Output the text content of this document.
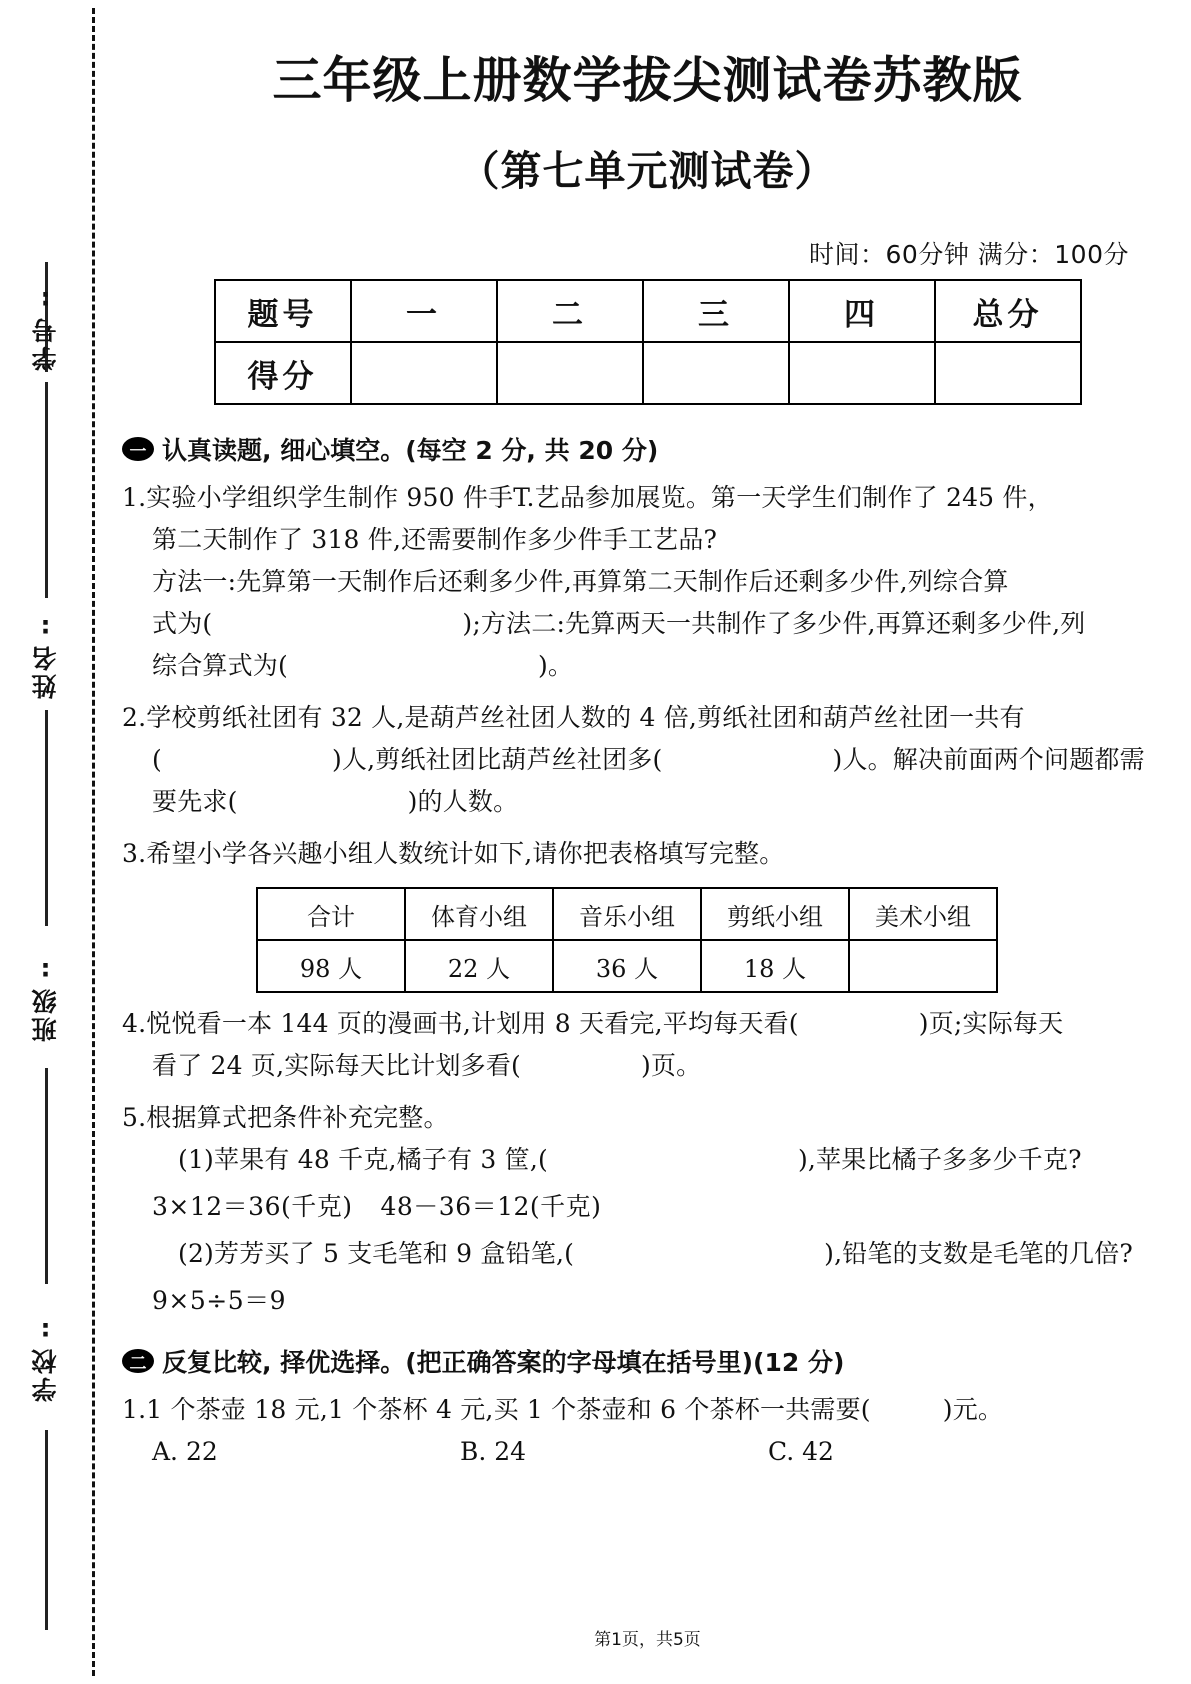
学号:
姓名:
班级:
学校:
三年级上册数学拔尖测试卷苏教版
（第七单元测试卷）
时间：60分钟 满分：100分
题号	一	二	三	四	总分
得分					
一 认真读题, 细心填空。(每空 2 分, 共 20 分)
1.实验小学组织学生制作 950 件手T.艺品参加展览。第一天学生们制作了 245 件，
第二天制作了 318 件,还需要制作多少件手工艺品?
方法一:先算第一天制作后还剩多少件,再算第二天制作后还剩多少件,列综合算
式为(	);方法二:先算两天一共制作了多少件,再算还剩多少件,列
综合算式为(	)。
2.学校剪纸社团有 32 人,是葫芦丝社团人数的 4 倍,剪纸社团和葫芦丝社团一共有
(	)人,剪纸社团比葫芦丝社团多(	)人。解决前面两个问题都需
要先求(	)的人数。
3.希望小学各兴趣小组人数统计如下,请你把表格填写完整。
合计	体育小组	音乐小组	剪纸小组	美术小组
98 人	22 人	36 人	18 人	
4.悦悦看一本 144 页的漫画书,计划用 8 天看完,平均每天看(	)页;实际每天
看了 24 页,实际每天比计划多看(	)页。
5.根据算式把条件补充完整。
(1)苹果有 48 千克,橘子有 3 筐,(	),苹果比橘子多多少千克?
3×12＝36(千克) 48－36＝12(千克)
(2)芳芳买了 5 支毛笔和 9 盒铅笔,(	),铅笔的支数是毛笔的几倍?
9×5÷5＝9
二 反复比较, 择优选择。(把正确答案的字母填在括号里)(12 分)
1.1 个茶壶 18 元,1 个茶杯 4 元,买 1 个茶壶和 6 个茶杯一共需要(	)元。
A. 22	B. 24	C. 42
第1页，共5页
